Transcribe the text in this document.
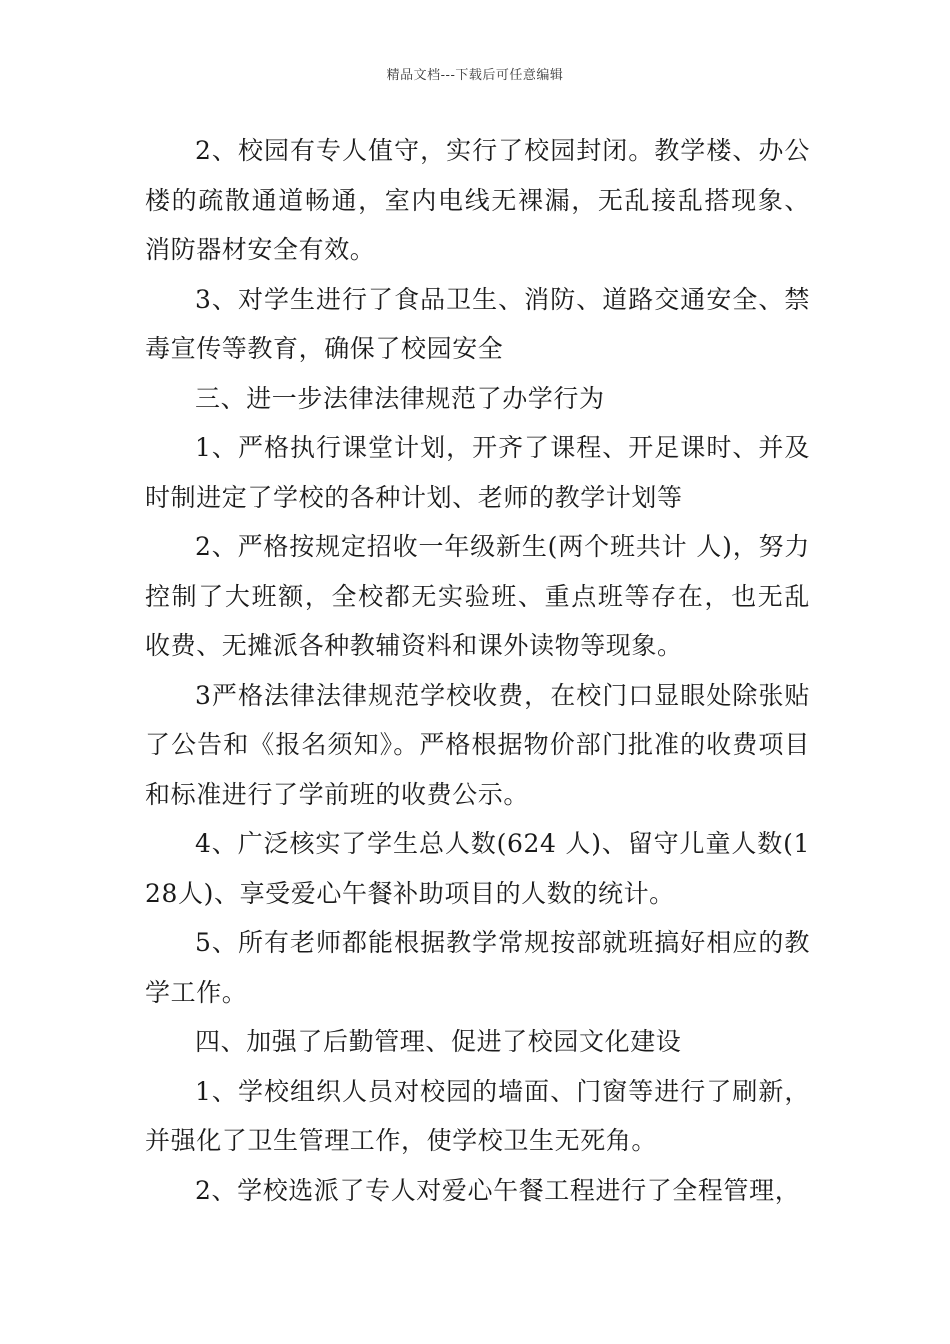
精品文档---下载后可任意编辑

2、校园有专人值守，实行了校园封闭。教学楼、办公楼的疏散通道畅通，室内电线无裸漏，无乱接乱搭现象、消防器材安全有效。

3、对学生进行了食品卫生、消防、道路交通安全、禁毒宣传等教育，确保了校园安全

三、进一步法律法律规范了办学行为

1、严格执行课堂计划，开齐了课程、开足课时、并及时制进定了学校的各种计划、老师的教学计划等

2、严格按规定招收一年级新生(两个班共计 人)，努力控制了大班额，全校都无实验班、重点班等存在，也无乱收费、无摊派各种教辅资料和课外读物等现象。

3严格法律法律规范学校收费，在校门口显眼处除张贴了公告和《报名须知》。严格根据物价部门批准的收费项目和标准进行了学前班的收费公示。

4、广泛核实了学生总人数(624 人)、留守儿童人数(128人)、享受爱心午餐补助项目的人数的统计。

5、所有老师都能根据教学常规按部就班搞好相应的教学工作。

四、加强了后勤管理、促进了校园文化建设

1、学校组织人员对校园的墙面、门窗等进行了刷新，并强化了卫生管理工作，使学校卫生无死角。

2、学校选派了专人对爱心午餐工程进行了全程管理，
